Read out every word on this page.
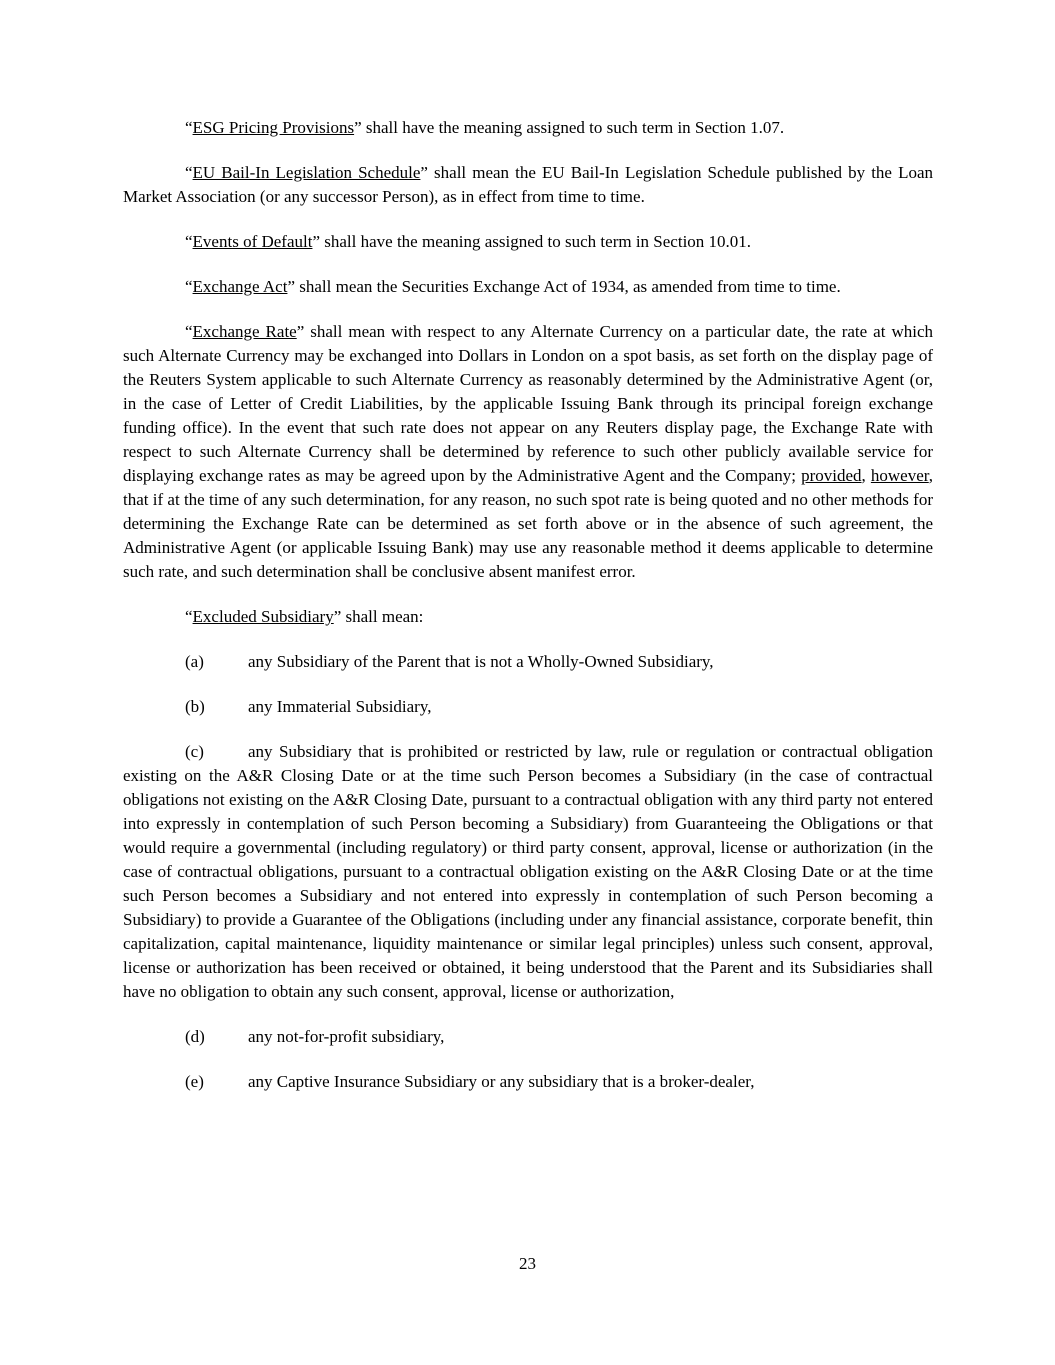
“ESG Pricing Provisions” shall have the meaning assigned to such term in Section 1.07.

“EU Bail-In Legislation Schedule” shall mean the EU Bail-In Legislation Schedule published by the Loan Market Association (or any successor Person), as in effect from time to time.

“Events of Default” shall have the meaning assigned to such term in Section 10.01.

“Exchange Act” shall mean the Securities Exchange Act of 1934, as amended from time to time.

“Exchange Rate” shall mean with respect to any Alternate Currency on a particular date, the rate at which such Alternate Currency may be exchanged into Dollars in London on a spot basis, as set forth on the display page of the Reuters System applicable to such Alternate Currency as reasonably determined by the Administrative Agent (or, in the case of Letter of Credit Liabilities, by the applicable Issuing Bank through its principal foreign exchange funding office). In the event that such rate does not appear on any Reuters display page, the Exchange Rate with respect to such Alternate Currency shall be determined by reference to such other publicly available service for displaying exchange rates as may be agreed upon by the Administrative Agent and the Company; provided, however, that if at the time of any such determination, for any reason, no such spot rate is being quoted and no other methods for determining the Exchange Rate can be determined as set forth above or in the absence of such agreement, the Administrative Agent (or applicable Issuing Bank) may use any reasonable method it deems applicable to determine such rate, and such determination shall be conclusive absent manifest error.

“Excluded Subsidiary” shall mean:

(a)	any Subsidiary of the Parent that is not a Wholly-Owned Subsidiary,

(b)	any Immaterial Subsidiary,

(c)	any Subsidiary that is prohibited or restricted by law, rule or regulation or contractual obligation existing on the A&R Closing Date or at the time such Person becomes a Subsidiary (in the case of contractual obligations not existing on the A&R Closing Date, pursuant to a contractual obligation with any third party not entered into expressly in contemplation of such Person becoming a Subsidiary) from Guaranteeing the Obligations or that would require a governmental (including regulatory) or third party consent, approval, license or authorization (in the case of contractual obligations, pursuant to a contractual obligation existing on the A&R Closing Date or at the time such Person becomes a Subsidiary and not entered into expressly in contemplation of such Person becoming a Subsidiary) to provide a Guarantee of the Obligations (including under any financial assistance, corporate benefit, thin capitalization, capital maintenance, liquidity maintenance or similar legal principles) unless such consent, approval, license or authorization has been received or obtained, it being understood that the Parent and its Subsidiaries shall have no obligation to obtain any such consent, approval, license or authorization,

(d)	any not-for-profit subsidiary,

(e)	any Captive Insurance Subsidiary or any subsidiary that is a broker-dealer,

23
